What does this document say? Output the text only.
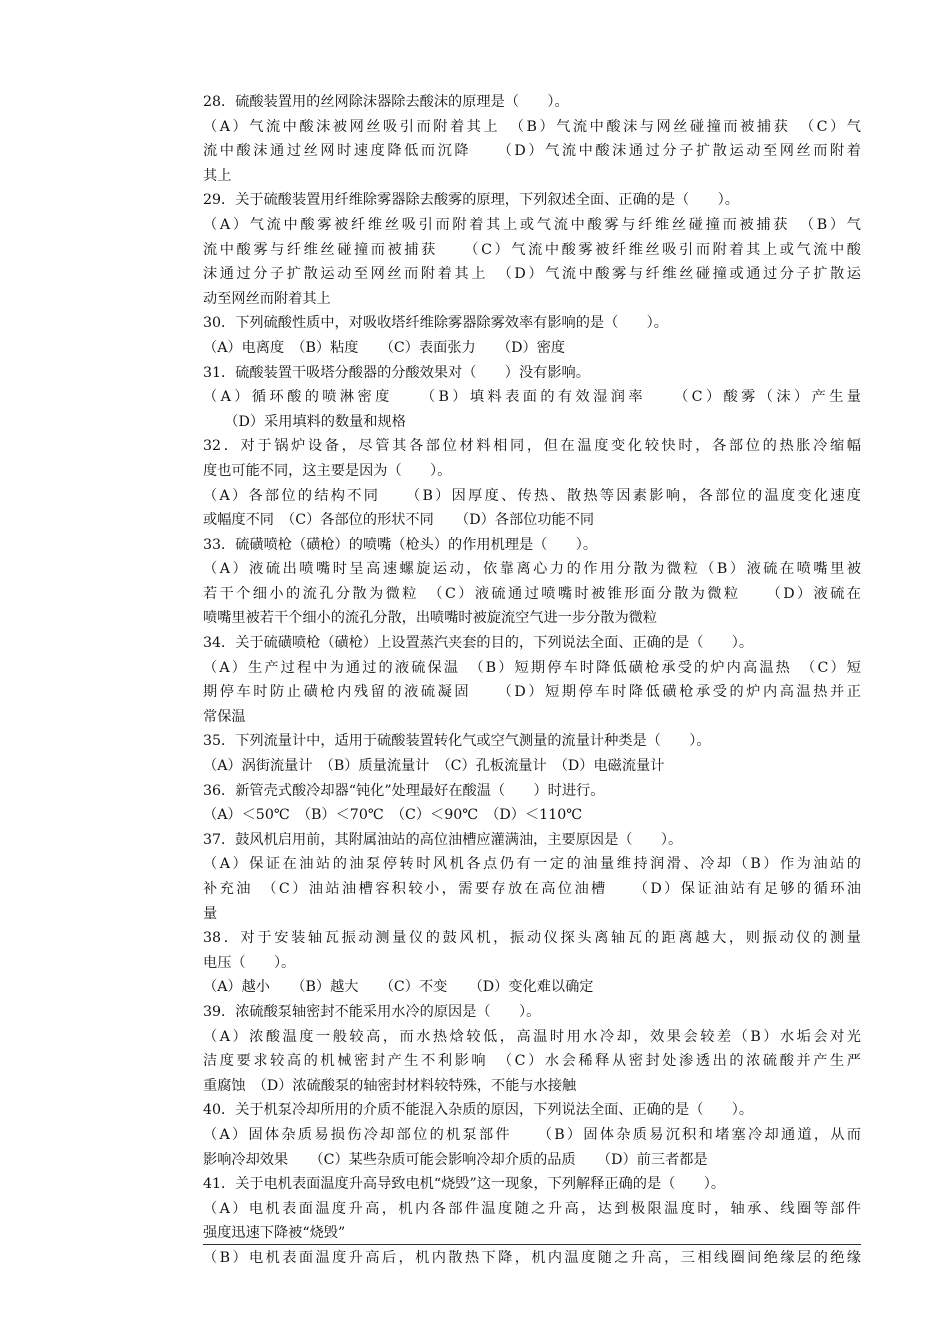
28．硫酸装置用的丝网除沫器除去酸沫的原理是（　　）。
（A）气流中酸沫被网丝吸引而附着其上　（B）气流中酸沫与网丝碰撞而被捕获　（C）气
流中酸沫通过丝网时速度降低而沉降　　（D）气流中酸沫通过分子扩散运动至网丝而附着
其上
29．关于硫酸装置用纤维除雾器除去酸雾的原理，下列叙述全面、正确的是（　　）。
（A）气流中酸雾被纤维丝吸引而附着其上或气流中酸雾与纤维丝碰撞而被捕获　（B）气
流中酸雾与纤维丝碰撞而被捕获　　（C）气流中酸雾被纤维丝吸引而附着其上或气流中酸
沫通过分子扩散运动至网丝而附着其上　（D）气流中酸雾与纤维丝碰撞或通过分子扩散运
动至网丝而附着其上
30．下列硫酸性质中，对吸收塔纤维除雾器除雾效率有影响的是（　　）。
（A）电离度　（B）粘度　　（C）表面张力　　（D）密度
31．硫酸装置干吸塔分酸器的分酸效果对（　　）没有影响。
（A）循环酸的喷淋密度　　（B）填料表面的有效湿润率　　（C）酸雾（沫）产生量
　　（D）采用填料的数量和规格
32．对于锅炉设备，尽管其各部位材料相同，但在温度变化较快时，各部位的热胀冷缩幅
度也可能不同，这主要是因为（　　）。
（A）各部位的结构不同　　（B）因厚度、传热、散热等因素影响，各部位的温度变化速度
或幅度不同　（C）各部位的形状不同　　（D）各部位功能不同
33．硫磺喷枪（磺枪）的喷嘴（枪头）的作用机理是（　　）。
（A）液硫出喷嘴时呈高速螺旋运动，依靠离心力的作用分散为微粒（B）液硫在喷嘴里被
若干个细小的流孔分散为微粒　（C）液硫通过喷嘴时被锥形面分散为微粒　　（D）液硫在
喷嘴里被若干个细小的流孔分散，出喷嘴时被旋流空气进一步分散为微粒
34．关于硫磺喷枪（磺枪）上设置蒸汽夹套的目的，下列说法全面、正确的是（　　）。
（A）生产过程中为通过的液硫保温　（B）短期停车时降低磺枪承受的炉内高温热　（C）短
期停车时防止磺枪内残留的液硫凝固　　（D）短期停车时降低磺枪承受的炉内高温热并正
常保温
35．下列流量计中，适用于硫酸装置转化气或空气测量的流量计种类是（　　）。
（A）涡街流量计　（B）质量流量计　（C）孔板流量计　（D）电磁流量计
36．新管壳式酸冷却器“钝化”处理最好在酸温（　　）时进行。
（A）＜50℃　（B）＜70℃　（C）＜90℃　（D）＜110℃
37．鼓风机启用前，其附属油站的高位油槽应灌满油，主要原因是（　　）。
（A）保证在油站的油泵停转时风机各点仍有一定的油量维持润滑、冷却（B）作为油站的
补充油　（C）油站油槽容积较小，需要存放在高位油槽　　（D）保证油站有足够的循环油
量
38．对于安装轴瓦振动测量仪的鼓风机，振动仪探头离轴瓦的距离越大，则振动仪的测量
电压（　　）。
（A）越小　　（B）越大　　（C）不变　　（D）变化难以确定
39．浓硫酸泵轴密封不能采用水冷的原因是（　　）。
（A）浓酸温度一般较高，而水热焓较低，高温时用水冷却，效果会较差（B）水垢会对光
洁度要求较高的机械密封产生不利影响　（C）水会稀释从密封处渗透出的浓硫酸并产生严
重腐蚀　（D）浓硫酸泵的轴密封材料较特殊，不能与水接触
40．关于机泵冷却所用的介质不能混入杂质的原因，下列说法全面、正确的是（　　）。
（A）固体杂质易损伤冷却部位的机泵部件　　（B）固体杂质易沉积和堵塞冷却通道，从而
影响冷却效果　　（C）某些杂质可能会影响冷却介质的品质　　（D）前三者都是
41．关于电机表面温度升高导致电机“烧毁”这一现象，下列解释正确的是（　　）。
（A）电机表面温度升高，机内各部件温度随之升高，达到极限温度时，轴承、线圈等部件
强度迅速下降被“烧毁”
（B）电机表面温度升高后，机内散热下降，机内温度随之升高，三相线圈间绝缘层的绝缘
